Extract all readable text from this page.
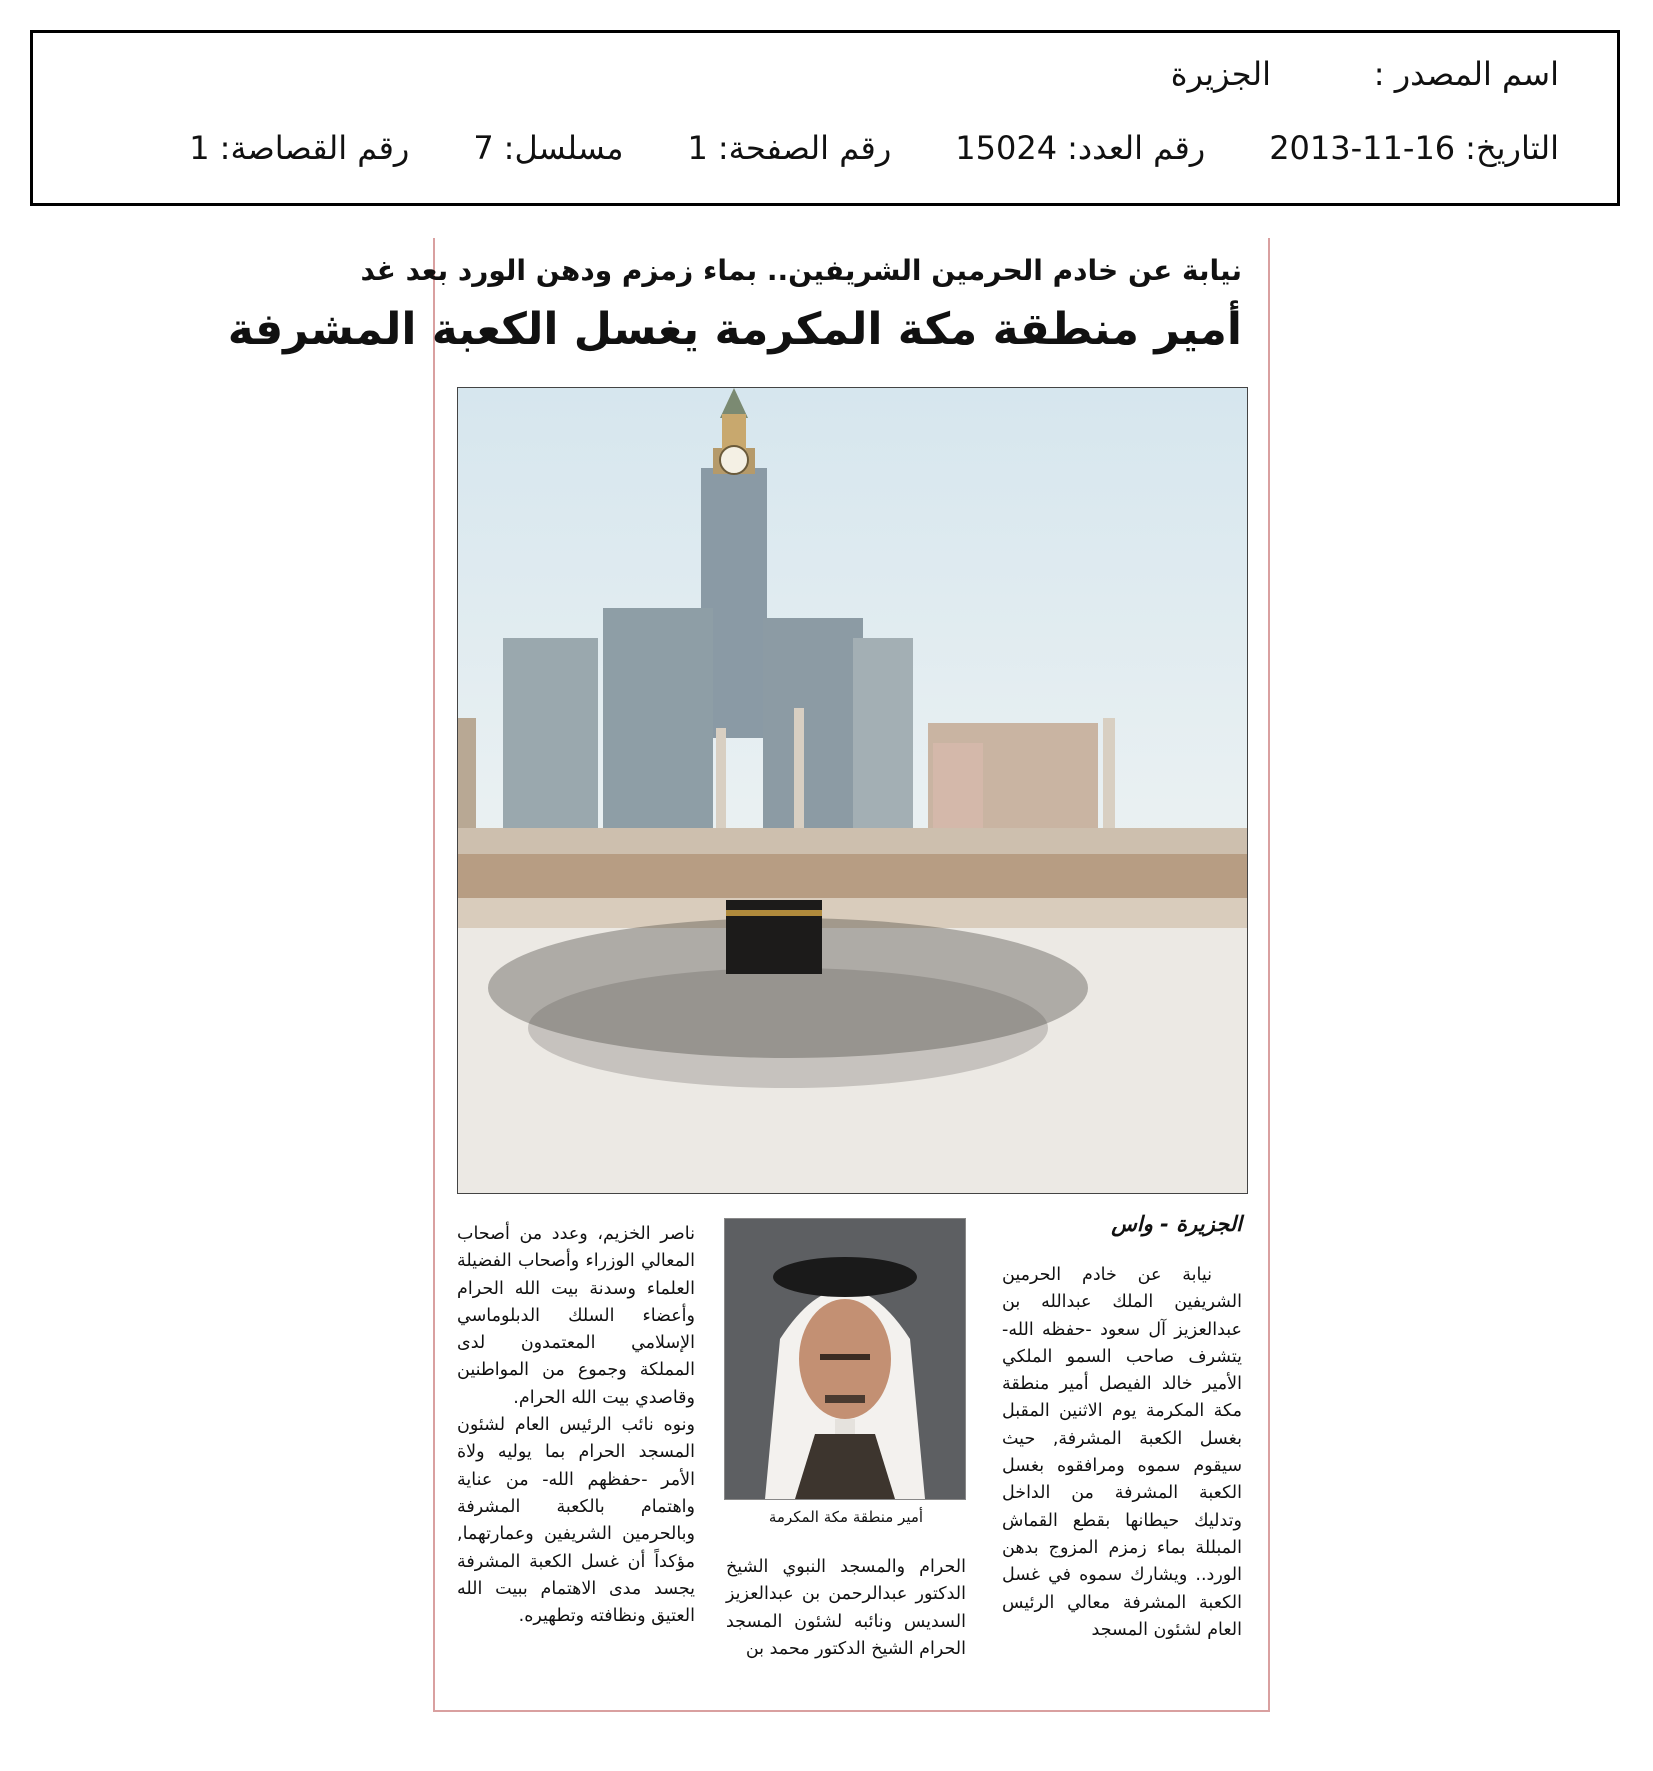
اسم المصدر :
الجزيرة
التاريخ:
2013-11-16
رقم العدد:
15024
رقم الصفحة:
1
مسلسل:
7
رقم القصاصة:
1
نيابة عن خادم الحرمين الشريفين.. بماء زمزم ودهن الورد بعد غد
أمير منطقة مكة المكرمة يغسل الكعبة المشرفة
الجزيرة - واس
نيابة عن خادم الحرمين الشريفين الملك عبدالله بن عبدالعزيز آل سعود -حفظه الله- يتشرف صاحب السمو الملكي الأمير خالد الفيصل أمير منطقة مكة المكرمة يوم الاثنين المقبل بغسل الكعبة المشرفة, حيث سيقوم سموه ومرافقوه بغسل الكعبة المشرفة من الداخل وتدليك حيطانها بقطع القماش المبللة بماء زمزم المزوج بدهن الورد.. ويشارك سموه في غسل الكعبة المشرفة معالي الرئيس العام لشئون المسجد
أمير منطقة مكة المكرمة
الحرام والمسجد النبوي الشيخ الدكتور عبدالرحمن بن عبدالعزيز السديس ونائبه لشئون المسجد الحرام الشيخ الدكتور محمد بن
ناصر الخزيم، وعدد من أصحاب المعالي الوزراء وأصحاب الفضيلة العلماء وسدنة بيت الله الحرام وأعضاء السلك الدبلوماسي الإسلامي المعتمدون لدى المملكة وجموع من المواطنين وقاصدي بيت الله الحرام.
ونوه نائب الرئيس العام لشئون المسجد الحرام بما يوليه ولاة الأمر -حفظهم الله- من عناية واهتمام بالكعبة المشرفة وبالحرمين الشريفين وعمارتهما, مؤكداً أن غسل الكعبة المشرفة يجسد مدى الاهتمام ببيت الله العتيق ونظافته وتطهيره.
